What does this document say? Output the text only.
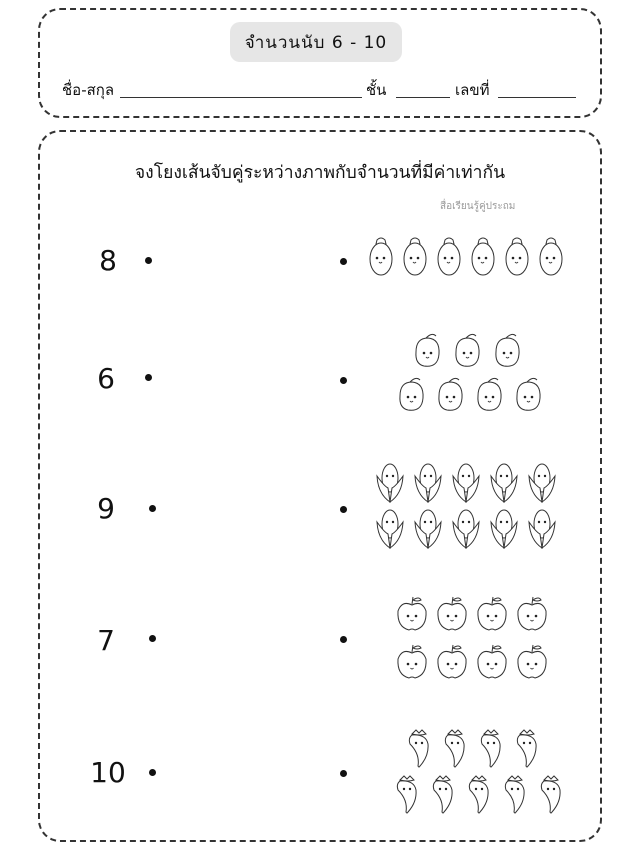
จำนวนนับ 6 - 10
ชื่อ-สกุล	ชั้น	เลขที่
จงโยงเส้นจับคู่ระหว่างภาพกับจำนวนที่มีค่าเท่ากัน
สื่อเรียนรู้คู่ประถม
8
6
9
7
10
